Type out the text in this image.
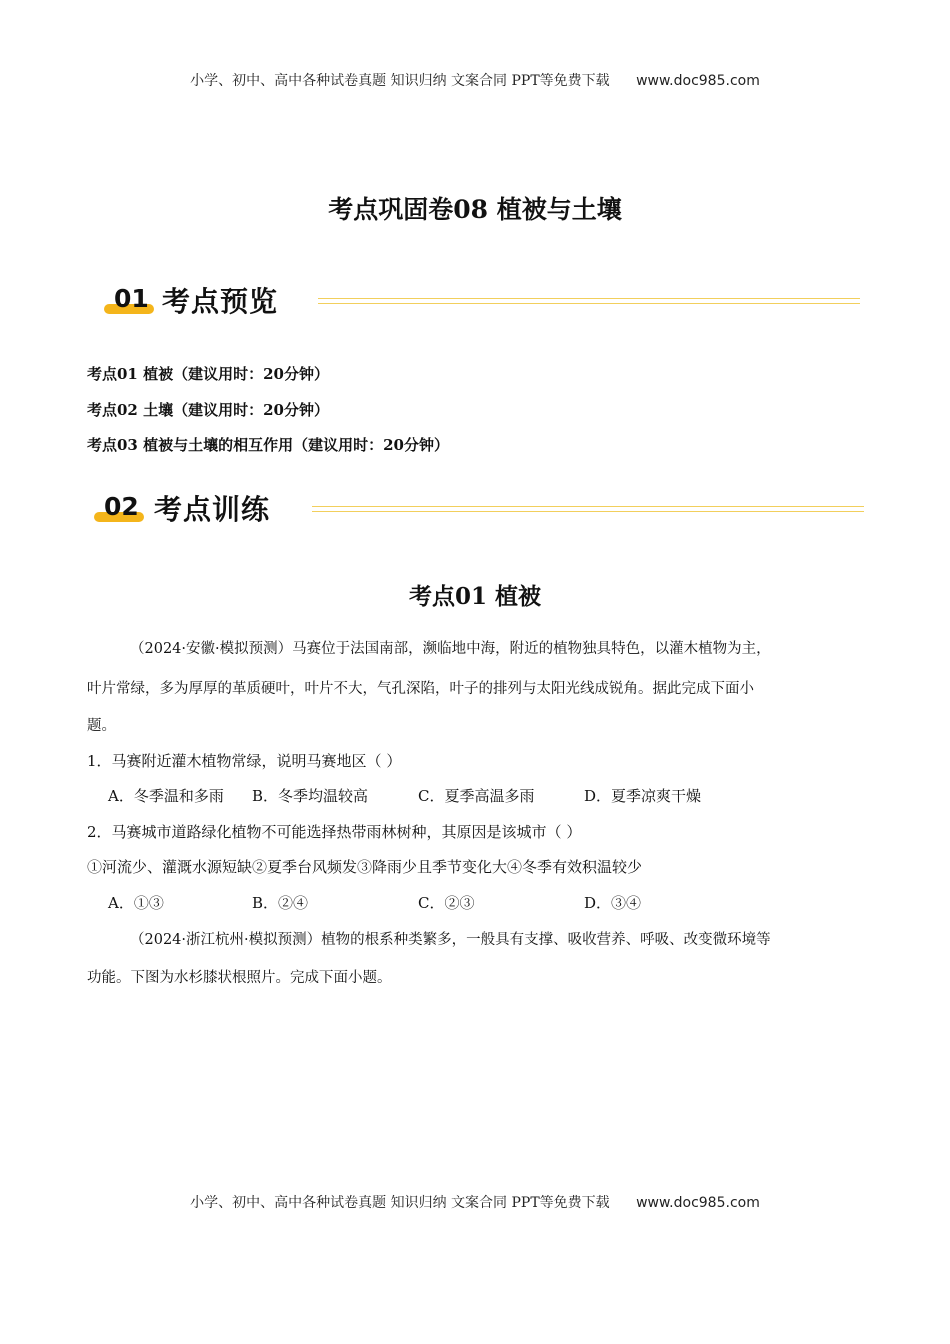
小学、初中、高中各种试卷真题 知识归纳 文案合同 PPT等免费下载 www.doc985.com
考点巩固卷08 植被与土壤
01 考点预览
考点01 植被（建议用时：20分钟）
考点02 土壤（建议用时：20分钟）
考点03 植被与土壤的相互作用（建议用时：20分钟）
02 考点训练
考点01 植被
（2024·安徽·模拟预测）马赛位于法国南部，濒临地中海，附近的植物独具特色，以灌木植物为主，
叶片常绿，多为厚厚的革质硬叶，叶片不大，气孔深陷，叶子的排列与太阳光线成锐角。据此完成下面小
题。
1．马赛附近灌木植物常绿，说明马赛地区（ ）
A．冬季温和多雨 B．冬季均温较高	C．夏季高温多雨	D．夏季凉爽干燥
2．马赛城市道路绿化植物不可能选择热带雨林树种，其原因是该城市（ ）
①河流少、灌溉水源短缺②夏季台风频发③降雨少且季节变化大④冬季有效积温较少
A．①③	B．②④	C．②③	D．③④
（2024·浙江杭州·模拟预测）植物的根系种类繁多，一般具有支撑、吸收营养、呼吸、改变微环境等
功能。下图为水杉膝状根照片。完成下面小题。
小学、初中、高中各种试卷真题 知识归纳 文案合同 PPT等免费下载 www.doc985.com
